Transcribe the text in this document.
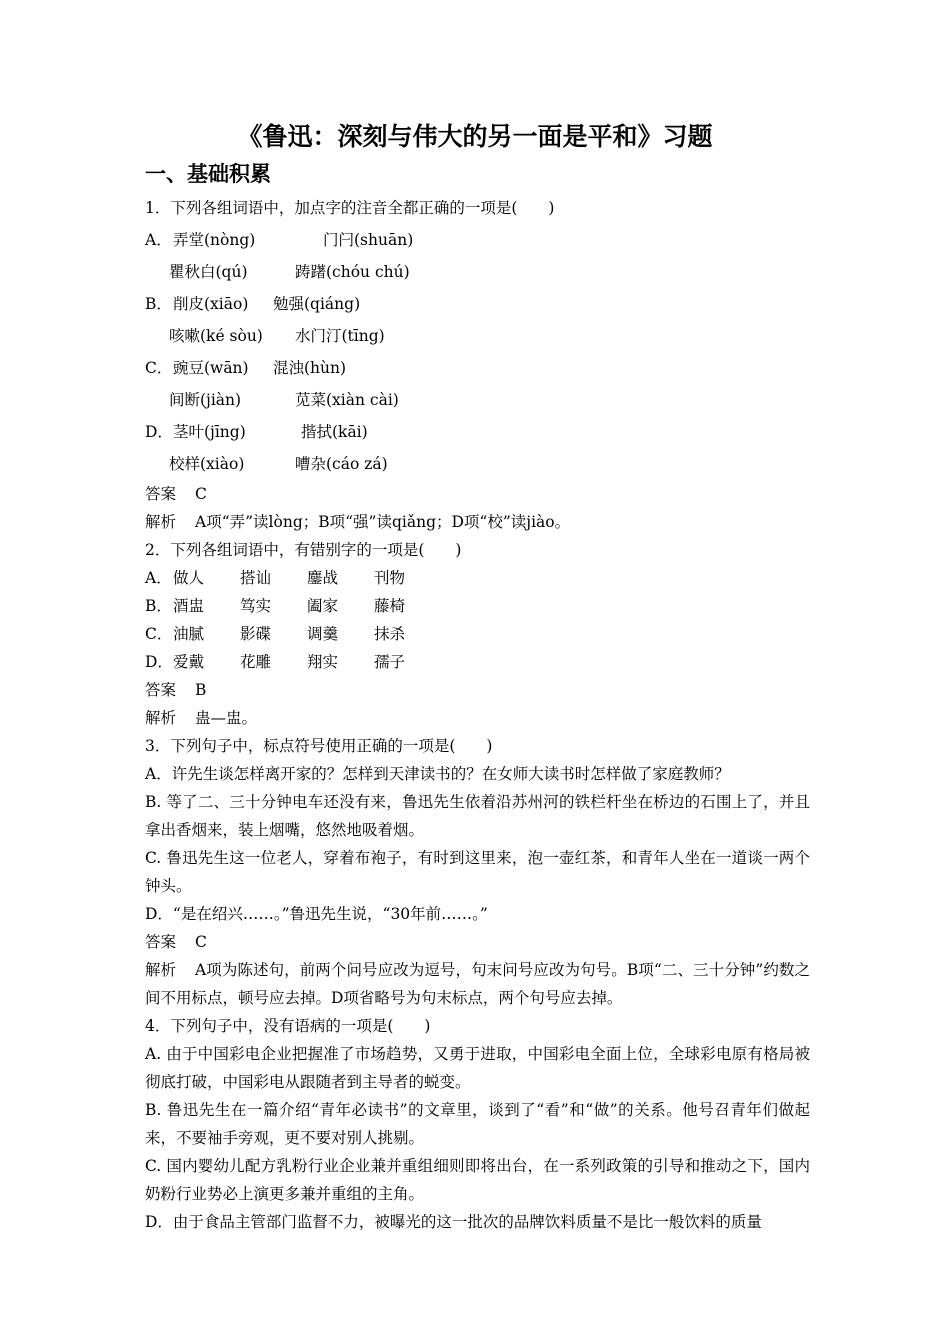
《鲁迅：深刻与伟大的另一面是平和》习题
一、基础积累
1．下列各组词语中，加点字的注音全都正确的一项是(　　)
A． 弄堂(nòng)	门闩(shuān)
瞿秋白(qú)	踌躇(chóu chú)
B． 削皮(xiāo)	勉强(qiáng)
咳嗽(ké sòu)	水门汀(tīng)
C． 豌豆(wān)	混浊(hùn)
间断(jiàn)	苋菜(xiàn cài)
D． 茎叶(jīng)	揩拭(kāi)
校样(xiào)	嘈杂(cáo zá)

答案 C

解析 A项“弄”读lòng；B项“强”读qiǎng；D项“校”读jiào。

2．下列各组词语中，有错别字的一项是(　　)

A．做人 搭讪 鏖战 刊物

B．酒盅 笃实 阖家 藤椅

C．油腻 影碟 调羹 抹杀

D．爱戴 花雕 翔实 孺子

答案 B

解析 蛊—盅。

3．下列句子中，标点符号使用正确的一项是(　　)

A．许先生谈怎样离开家的？怎样到天津读书的？在女师大读书时怎样做了家庭教师？

B. 等了二、三十分钟电车还没有来，鲁迅先生依着沿苏州河的铁栏杆坐在桥边的石围上了，并且拿出香烟来，装上烟嘴，悠然地吸着烟。

C. 鲁迅先生这一位老人，穿着布袍子，有时到这里来，泡一壶红茶，和青年人坐在一道谈一两个钟头。

D．“是在绍兴……。”鲁迅先生说，“30年前……。”

答案 C

解析 A项为陈述句，前两个问号应改为逗号，句末问号应改为句号。B项“二、三十分钟”约数之间不用标点，顿号应去掉。D项省略号为句末标点，两个句号应去掉。

4．下列句子中，没有语病的一项是(　　)

A. 由于中国彩电企业把握准了市场趋势，又勇于进取，中国彩电全面上位，全球彩电原有格局被彻底打破，中国彩电从跟随者到主导者的蜕变。

B. 鲁迅先生在一篇介绍“青年必读书”的文章里，谈到了“看”和“做”的关系。他号召青年们做起来，不要袖手旁观，更不要对别人挑剔。

C. 国内婴幼儿配方乳粉行业企业兼并重组细则即将出台，在一系列政策的引导和推动之下，国内奶粉行业势必上演更多兼并重组的主角。

D．由于食品主管部门监督不力，被曝光的这一批次的品牌饮料质量不是比一般饮料的质量
